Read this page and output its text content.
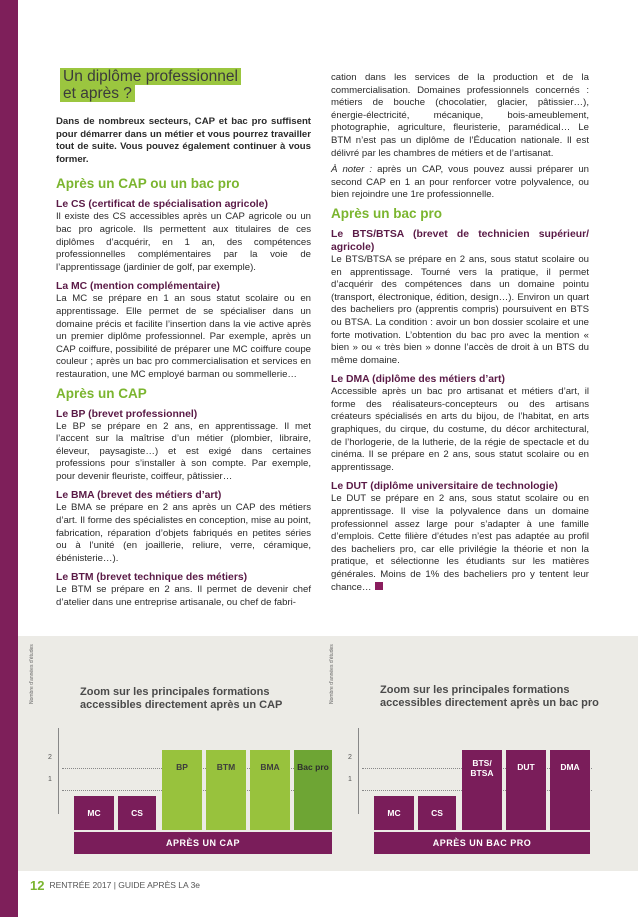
Un diplôme professionnel
et après ?
Dans de nombreux secteurs, CAP et bac pro suffisent pour démarrer dans un métier et vous pourrez travailler tout de suite. Vous pouvez également continuer à vous former.
Après un CAP ou un bac pro
Le CS (certificat de spécialisation agricole)
Il existe des CS accessibles après un CAP agricole ou un bac pro agricole. Ils permettent aux titulaires de ces diplômes d’acquérir, en 1 an, des compétences professionnelles complémentaires par la voie de l’apprentissage (jardinier de golf, par exemple).
La MC (mention complémentaire)
La MC se prépare en 1 an sous statut scolaire ou en apprentissage. Elle permet de se spécialiser dans un domaine précis et facilite l’insertion dans la vie active après un premier diplôme professionnel. Par exemple, après un CAP coiffure, possibilité de préparer une MC coiffure coupe couleur ; après un bac pro commercialisation et services en restauration, une MC employé barman ou sommellerie…
Après un CAP
Le BP (brevet professionnel)
Le BP se prépare en 2 ans, en apprentissage. Il met l’accent sur la maîtrise d’un métier (plombier, libraire, éleveur, paysagiste…) et est exigé dans certaines professions pour s’installer à son compte. Par exemple, pour devenir fleuriste, coiffeur, pâtissier…
Le BMA (brevet des métiers d’art)
Le BMA se prépare en 2 ans après un CAP des métiers d’art. Il forme des spécialistes en conception, mise au point, fabrication, réparation d’objets fabriqués en petites séries ou à l’unité (en joaillerie, reliure, verre, céramique, ébénisterie…).
Le BTM (brevet technique des métiers)
Le BTM se prépare en 2 ans. Il permet de devenir chef d’atelier dans une entreprise artisanale, ou chef de fabri-
cation dans les services de la production et de la commercialisation. Domaines professionnels concernés : métiers de bouche (chocolatier, glacier, pâtissier…), énergie-électricité, mécanique, bois-ameublement, photographie, agriculture, fleuristerie, paramédical… Le BTM n’est pas un diplôme de l’Éducation nationale. Il est délivré par les chambres de métiers et de l’artisanat.
À noter : après un CAP, vous pouvez aussi préparer un second CAP en 1 an pour renforcer votre polyvalence, ou bien rejoindre une 1re professionnelle.
Après un bac pro
Le BTS/BTSA (brevet de technicien supérieur/ agricole)
Le BTS/BTSA se prépare en 2 ans, sous statut scolaire ou en apprentissage. Tourné vers la pratique, il permet d’acquérir des compétences dans un domaine pointu (transport, électronique, édition, design…). Environ un quart des bacheliers pro (apprentis compris) poursuivent en BTS ou BTSA. La condition : avoir un bon dossier scolaire et une forte motivation. L’obtention du bac pro avec la mention « bien » ou « très bien » donne l’accès de droit à un BTS du même domaine.
Le DMA (diplôme des métiers d’art)
Accessible après un bac pro artisanat et métiers d’art, il forme des réalisateurs-concepteurs ou des artisans créateurs spécialisés en arts du bijou, de l’habitat, en arts graphiques, du cirque, du costume, du décor architectural, de l’horlogerie, de la lutherie, de la régie de spectacle et du cinéma. Il se prépare en 2 ans, sous statut scolaire ou en apprentissage.
Le DUT (diplôme universitaire de technologie)
Le DUT se prépare en 2 ans, sous statut scolaire ou en apprentissage. Il vise la polyvalence dans un domaine professionnel assez large pour s’adapter à une famille d’emplois. Cette filière d’études n’est pas adaptée au profil des bacheliers pro, car elle privilégie la théorie et non la pratique, et sélectionne les étudiants sur les matières générales. Moins de 1% des bacheliers pro y tentent leur chance…
Nombre d’années d’études	Zoom sur les principales formations accessibles directement après un CAP
2
1
MC	CS
BP	BTM	BMA	Bac pro
APRÈS UN CAP
Nombre d’années d’études	Zoom sur les principales formations accessibles directement après un bac pro
2
1
MC	CS
BTS/ BTSA
DUT	DMA
APRÈS UN BAC PRO
12 RENTRÉE 2017 | GUIDE APRÈS LA 3e
